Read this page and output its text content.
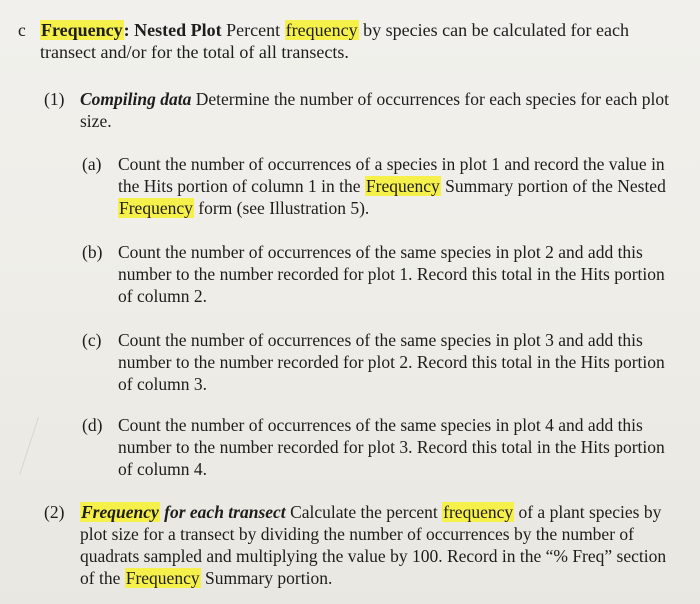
c Frequency: Nested Plot Percent frequency by species can be calculated for each transect and/or for the total of all transects.

(1) Compiling data Determine the number of occurrences for each species for each plot size.

(a) Count the number of occurrences of a species in plot 1 and record the value in the Hits portion of column 1 in the Frequency Summary portion of the Nested Frequency form (see Illustration 5).

(b) Count the number of occurrences of the same species in plot 2 and add this number to the number recorded for plot 1. Record this total in the Hits portion of column 2.

(c) Count the number of occurrences of the same species in plot 3 and add this number to the number recorded for plot 2. Record this total in the Hits portion of column 3.

(d) Count the number of occurrences of the same species in plot 4 and add this number to the number recorded for plot 3. Record this total in the Hits portion of column 4.

(2) Frequency for each transect Calculate the percent frequency of a plant species by plot size for a transect by dividing the number of occurrences by the number of quadrats sampled and multiplying the value by 100. Record in the “% Freq” section of the Frequency Summary portion.
